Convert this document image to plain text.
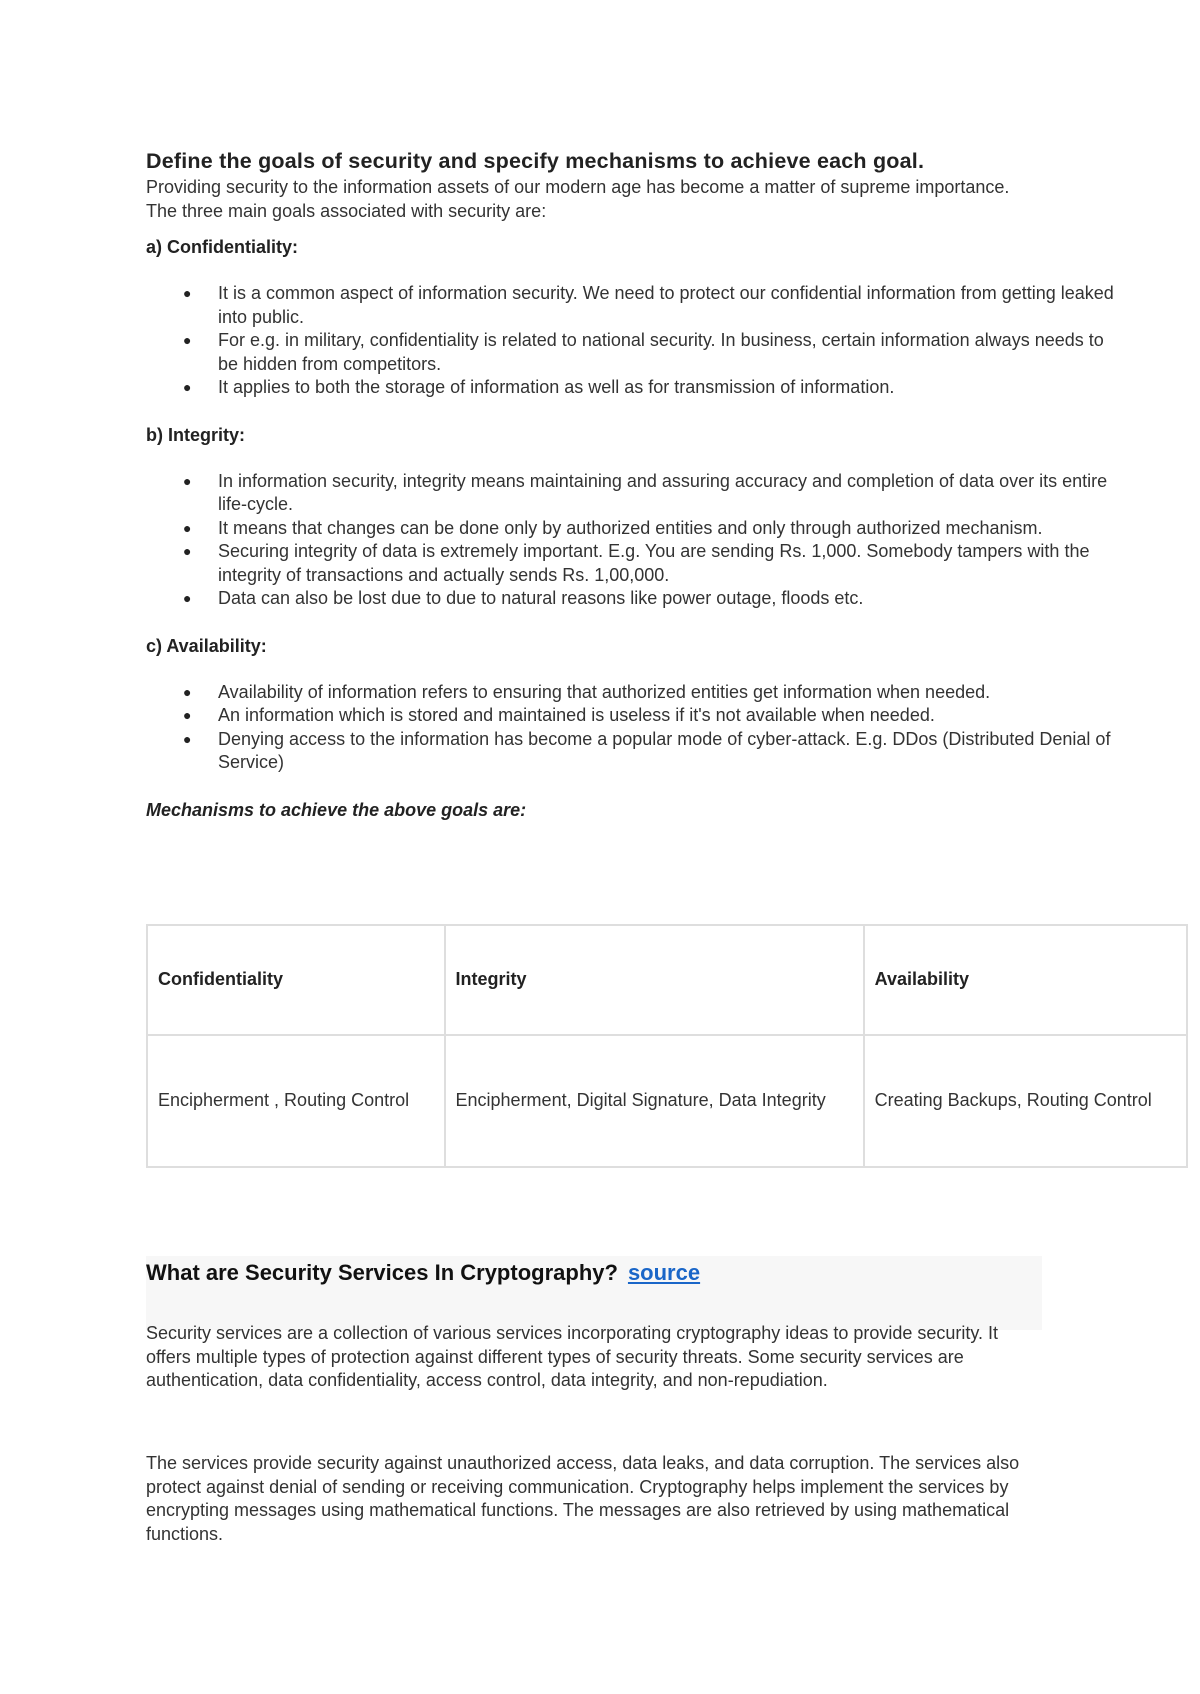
Define the goals of security and specify mechanisms to achieve each goal.

Providing security to the information assets of our modern age has become a matter of supreme importance. The three main goals associated with security are:

a) Confidentiality:
● It is a common aspect of information security. We need to protect our confidential information from getting leaked into public.
● For e.g. in military, confidentiality is related to national security. In business, certain information always needs to be hidden from competitors.
● It applies to both the storage of information as well as for transmission of information.
b) Integrity:
● In information security, integrity means maintaining and assuring accuracy and completion of data over its entire life-cycle.
● It means that changes can be done only by authorized entities and only through authorized mechanism.
● Securing integrity of data is extremely important. E.g. You are sending Rs. 1,000. Somebody tampers with the integrity of transactions and actually sends Rs. 1,00,000.
● Data can also be lost due to due to natural reasons like power outage, floods etc.
c) Availability:
● Availability of information refers to ensuring that authorized entities get information when needed.
● An information which is stored and maintained is useless if it's not available when needed.
● Denying access to the information has become a popular mode of cyber-attack. E.g. DDos (Distributed Denial of Service)
Mechanisms to achieve the above goals are:
Confidentiality	Integrity	Availability
Encipherment , Routing Control	Encipherment, Digital Signature, Data Integrity	Creating Backups, Routing Control
What are Security Services In Cryptography? source

Security services are a collection of various services incorporating cryptography ideas to provide security. It offers multiple types of protection against different types of security threats. Some security services are authentication, data confidentiality, access control, data integrity, and non-repudiation.

The services provide security against unauthorized access, data leaks, and data corruption. The services also protect against denial of sending or receiving communication. Cryptography helps implement the services by encrypting messages using mathematical functions. The messages are also retrieved by using mathematical functions.
